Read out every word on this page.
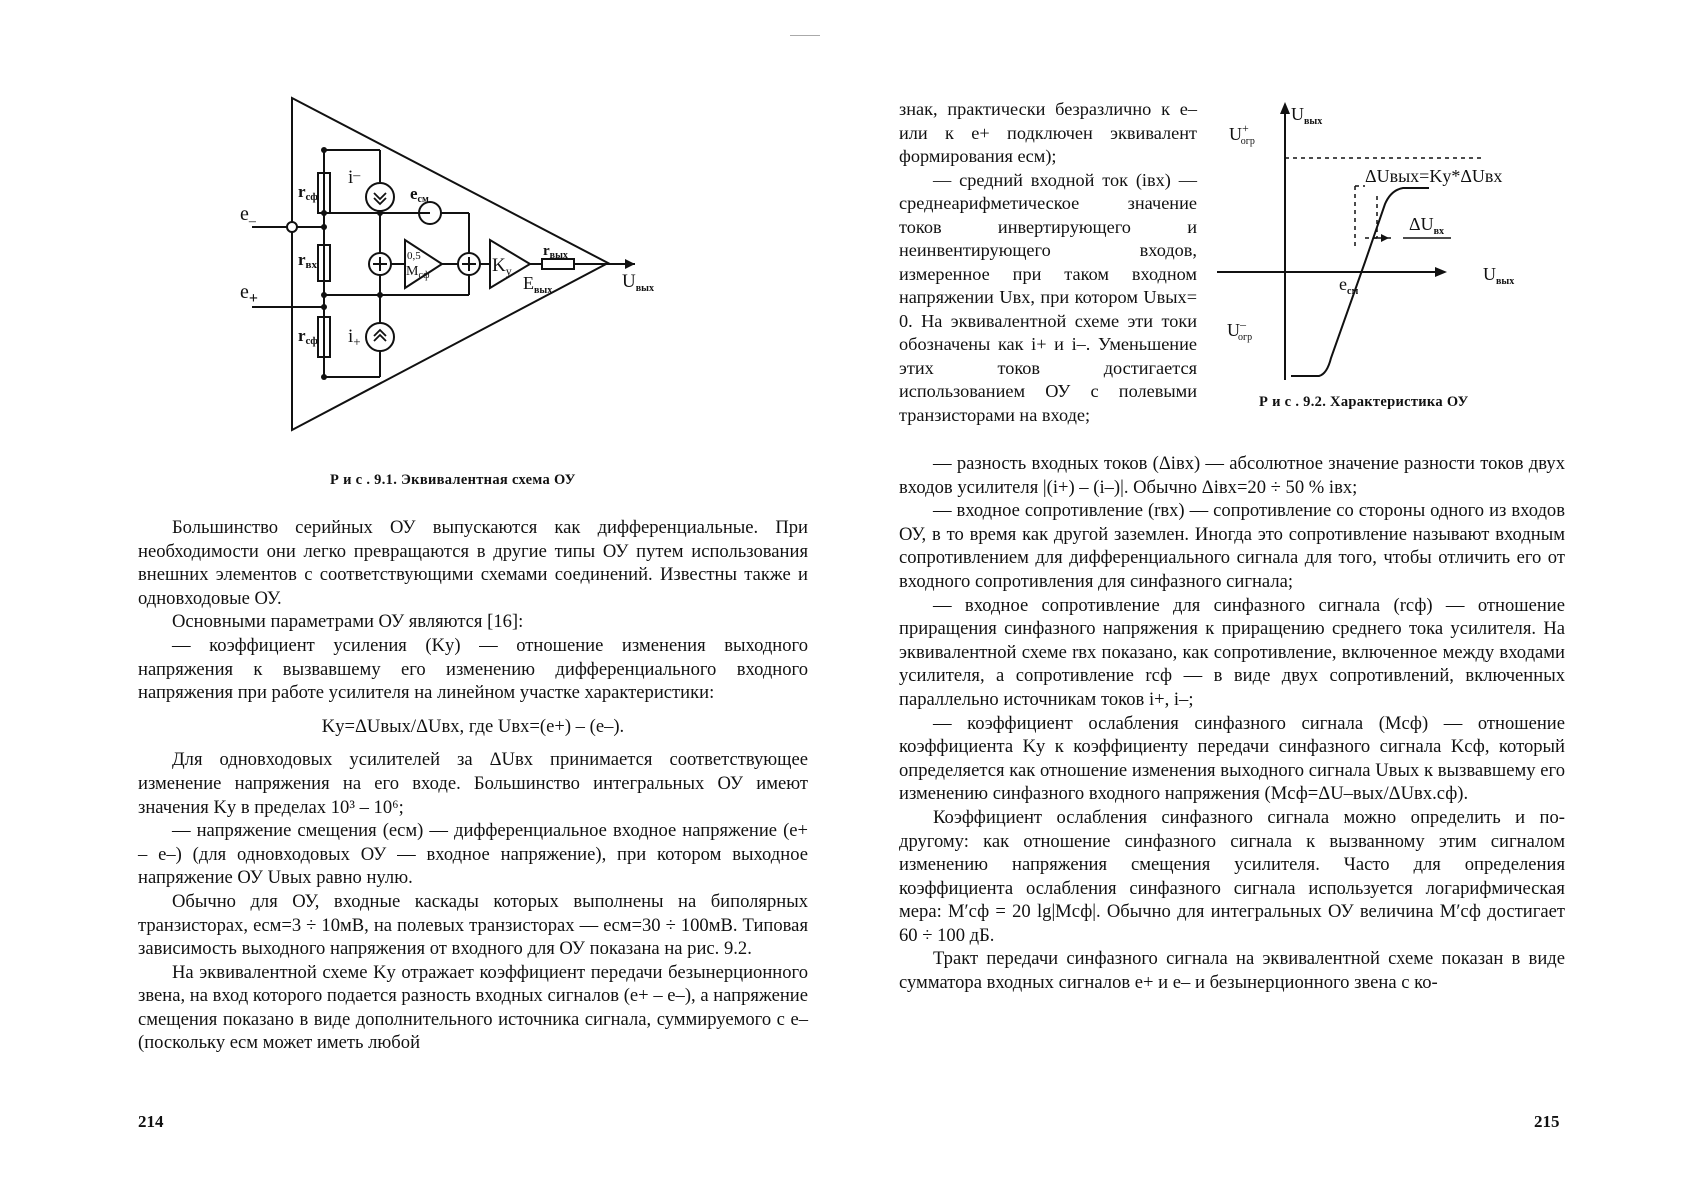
$e_-$
$e_+$
rсф
rвх
rсф
i–
$i_+$
eсм
0,5
$M_{сф}$	$K_у$
$r_{вых}$
$E_{вых}$	$U_{вых}$
Р и с . 9.1. Эквивалентная схема ОУ

Большинство серийных ОУ выпускаются как дифференциальные. При необходимости они легко превращаются в другие типы ОУ путем использования внешних элементов с соответствующими схемами соединений. Известны также и одновходовые ОУ.

Основными параметрами ОУ являются [16]:

— коэффициент усиления (Kу) — отношение изменения выходного напряжения к вызвавшему его изменению дифференциального входного напряжения при работе усилителя на линейном участке характеристики:

Kу=ΔUвых/ΔUвх, где Uвх=(e+) – (e–).

Для одновходовых усилителей за ΔUвх принимается соответствующее изменение напряжения на его входе. Большинство интегральных ОУ имеют значения Kу в пределах 10³ – 10⁶;

— напряжение смещения (eсм) — дифференциальное входное напряжение (e+ – e–) (для одновходовых ОУ — входное напряжение), при котором выходное напряжение ОУ Uвых равно нулю.

Обычно для ОУ, входные каскады которых выполнены на биполярных транзисторах, eсм=3 ÷ 10мВ, на полевых транзисторах — eсм=30 ÷ 100мВ. Типовая зависимость выходного напряжения от входного для ОУ показана на рис. 9.2.

На эквивалентной схеме Kу отражает коэффициент передачи безынерционного звена, на вход которого подается разность входных сигналов (e+ – e–), а напряжение смещения показано в виде дополнительного источника сигнала, суммируемого с e– (поскольку eсм может иметь любой

214

знак, практически безразлично к e– или к e+ подключен эквивалент формирования eсм);

— средний входной ток (iвх) — среднеарифметическое значение токов инвертирующего и неинвентирующего входов, измеренное при таком входном напряжении Uвх, при котором Uвых= 0. На эквивалентной схеме эти токи обозначены как i+ и i–. Уменьшение этих токов достигается использованием ОУ с полевыми транзисторами на входе;

$U_{вых}$
U+ огр
ΔUвых=Kу*ΔUвх
$\Delta U_{вх}$
$e_{см}$
$U_{вых}$
U– огр
Р и с . 9.2. Характеристика ОУ

— разность входных токов (Δiвх) — абсолютное значение разности токов двух входов усилителя |(i+) – (i–)|. Обычно Δiвх=20 ÷ 50 % iвх;

— входное сопротивление (rвх) — сопротивление со стороны одного из входов ОУ, в то время как другой заземлен. Иногда это сопротивление называют входным сопротивлением для дифференциального сигнала для того, чтобы отличить его от входного сопротивления для синфазного сигнала;

— входное сопротивление для синфазного сигнала (rсф) — отношение приращения синфазного напряжения к приращению среднего тока усилителя. На эквивалентной схеме rвх показано, как сопротивление, включенное между входами усилителя, а сопротивление rсф — в виде двух сопротивлений, включенных параллельно источникам токов i+, i–;

— коэффициент ослабления синфазного сигнала (Mсф) — отношение коэффициента Kу к коэффициенту передачи синфазного сигнала Kсф, который определяется как отношение изменения выходного сигнала Uвых к вызвавшему его изменению синфазного входного напряжения (Mсф=ΔU–вых/ΔUвх.сф).

Коэффициент ослабления синфазного сигнала можно определить и по-другому: как отношение синфазного сигнала к вызванному этим сигналом изменению напряжения смещения усилителя. Часто для определения коэффициента ослабления синфазного сигнала используется логарифмическая мера: M′сф = 20 lg|Mсф|. Обычно для интегральных ОУ величина M′сф достигает 60 ÷ 100 дБ.

Тракт передачи синфазного сигнала на эквивалентной схеме показан в виде сумматора входных сигналов e+ и e– и безынерционного звена с ко-

215
